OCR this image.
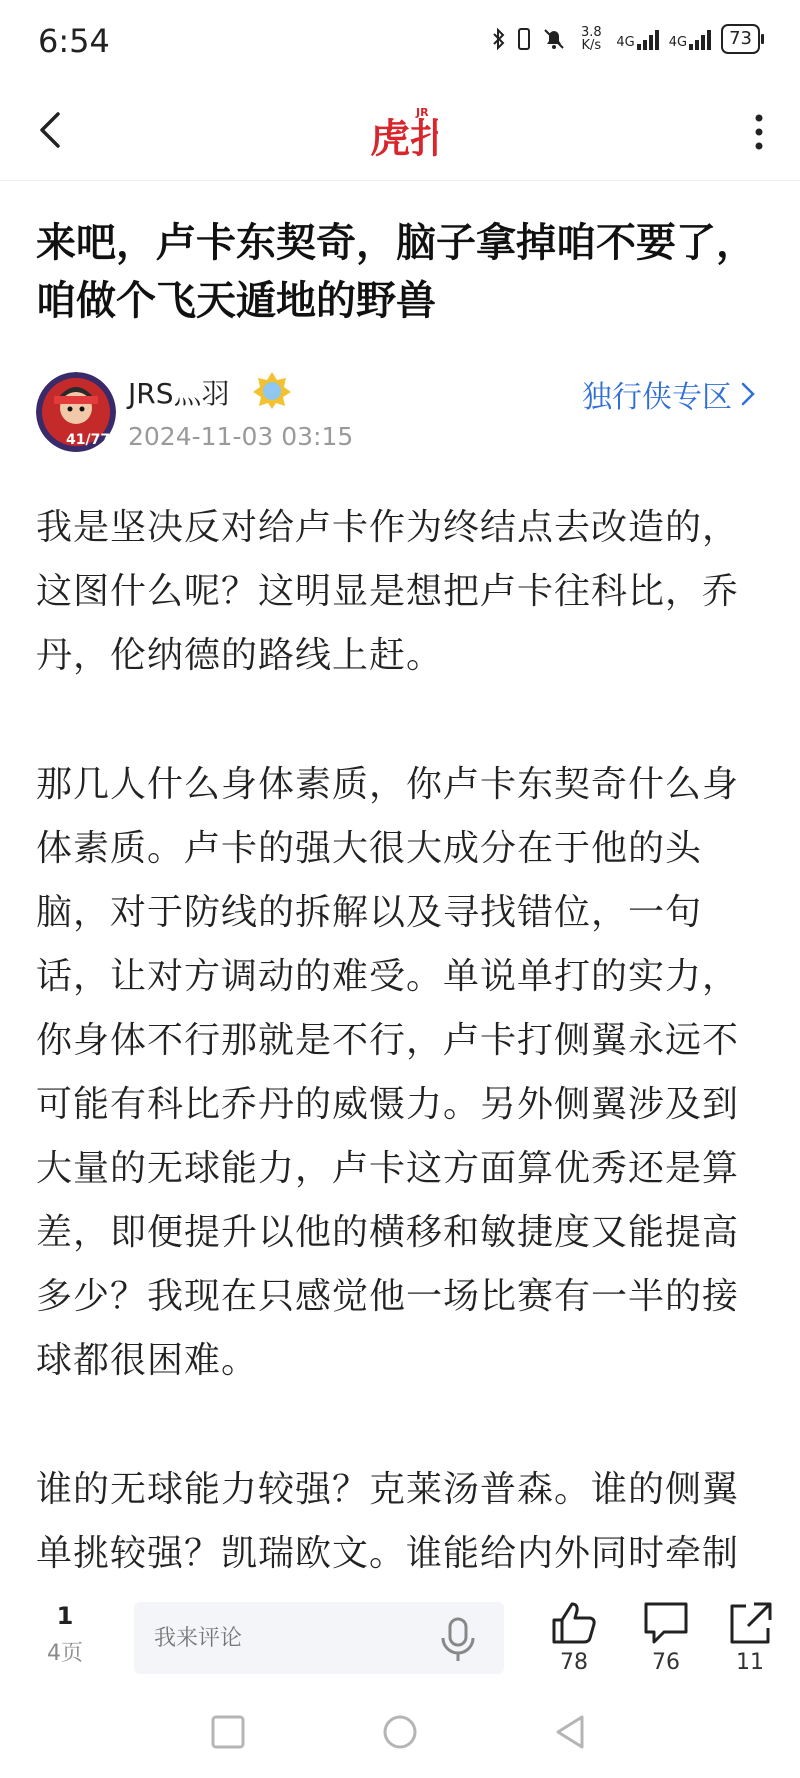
6:54	3.8
K/s	4G	4G	73
虎扑
JR
来吧，卢卡东契奇，脑子拿掉咱不要了，咱做个飞天遁地的野兽
41/77
JRS灬羽
2024-11-03 03:15
独行侠专区

我是坚决反对给卢卡作为终结点去改造的，这图什么呢？这明显是想把卢卡往科比，乔丹，伦纳德的路线上赶。

那几人什么身体素质，你卢卡东契奇什么身体素质。卢卡的强大很大成分在于他的头脑，对于防线的拆解以及寻找错位，一句话，让对方调动的难受。单说单打的实力，你身体不行那就是不行，卢卡打侧翼永远不可能有科比乔丹的威慑力。另外侧翼涉及到大量的无球能力，卢卡这方面算优秀还是算差，即便提升以他的横移和敏捷度又能提高多少？我现在只感觉他一场比赛有一半的接球都很困难。

谁的无球能力较强？克莱汤普森。谁的侧翼单挑较强？凯瑞欧文。谁能给内外同时牵制

1
4页
我来评论	78	76	11
